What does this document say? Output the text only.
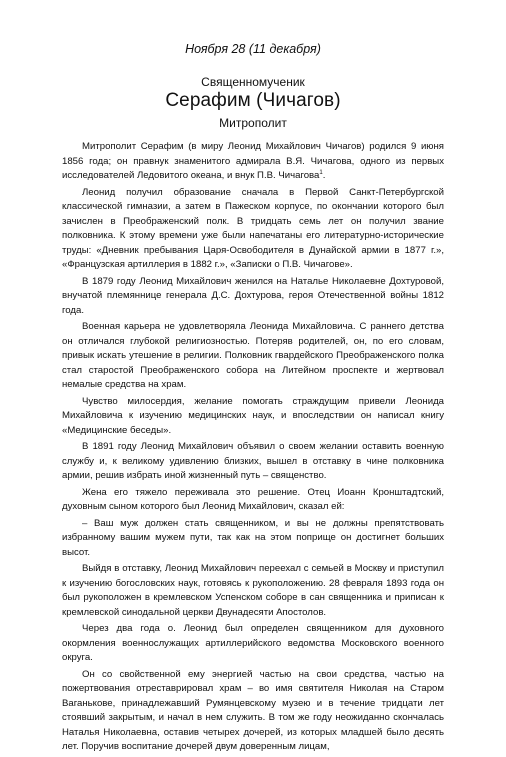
Ноября 28 (11 декабря)
Священномученик
Серафим (Чичагов)
Митрополит

Митрополит Серафим (в миру Леонид Михайлович Чичагов) родился 9 июня 1856 года; он правнук знаменитого адмирала В.Я. Чичагова, одного из первых исследователей Ледовитого океана, и внук П.В. Чичагова$^1$.

Леонид получил образование сначала в Первой Санкт-Петербургской классической гимназии, а затем в Пажеском корпусе, по окончании которого был зачислен в Преображенский полк. В тридцать семь лет он получил звание полковника. К этому времени уже были напечатаны его литературно-исторические труды: «Дневник пребывания Царя-Освободителя в Дунайской армии в 1877 г.», «Французская артиллерия в 1882 г.», «Записки о П.В. Чичагове».

В 1879 году Леонид Михайлович женился на Наталье Николаевне Дохтуровой, внучатой племяннице генерала Д.С. Дохтурова, героя Отечественной войны 1812 года.

Военная карьера не удовлетворяла Леонида Михайловича. С раннего детства он отличался глубокой религиозностью. Потеряв родителей, он, по его словам, привык искать утешение в религии. Полковник гвардейского Преображенского полка стал старостой Преображенского собора на Литейном проспекте и жертвовал немалые средства на храм.

Чувство милосердия, желание помогать страждущим привели Леонида Михайловича к изучению медицинских наук, и впоследствии он написал книгу «Медицинские беседы».

В 1891 году Леонид Михайлович объявил о своем желании оставить военную службу и, к великому удивлению близких, вышел в отставку в чине полковника армии, решив избрать иной жизненный путь – священство.

Жена его тяжело переживала это решение. Отец Иоанн Кронштадтский, духовным сыном которого был Леонид Михайлович, сказал ей:

– Ваш муж должен стать священником, и вы не должны препятствовать избранному вашим мужем пути, так как на этом поприще он достигнет больших высот.

Выйдя в отставку, Леонид Михайлович переехал с семьей в Москву и приступил к изучению богословских наук, готовясь к рукоположению. 28 февраля 1893 года он был рукоположен в кремлевском Успенском соборе в сан священника и приписан к кремлевской синодальной церкви Двунадесяти Апостолов.

Через два года о. Леонид был определен священником для духовного окормления военнослужащих артиллерийского ведомства Московского военного округа.

Он со свойственной ему энергией частью на свои средства, частью на пожертвования отреставрировал храм – во имя святителя Николая на Старом Ваганькове, принадлежавший Румянцевскому музею и в течение тридцати лет стоявший закрытым, и начал в нем служить. В том же году неожиданно скончалась Наталья Николаевна, оставив четырех дочерей, из которых младшей было десять лет. Поручив воспитание дочерей двум доверенным лицам,
